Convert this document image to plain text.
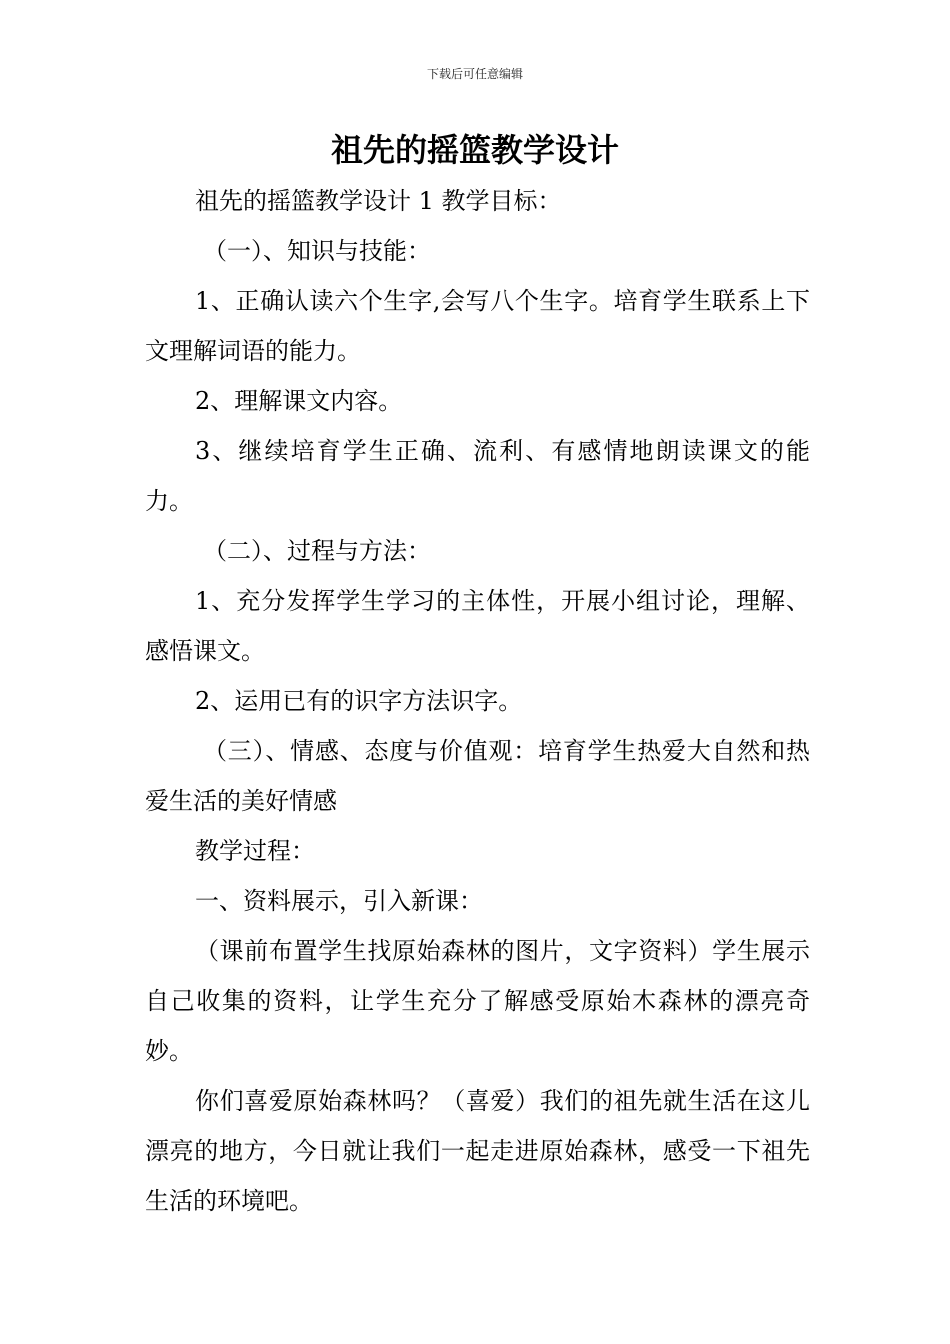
下载后可任意编辑
祖先的摇篮教学设计

祖先的摇篮教学设计 1 教学目标：

（一）、知识与技能：

1、正确认读六个生字,会写八个生字。培育学生联系上下文理解词语的能力。

2、理解课文内容。

3、继续培育学生正确、流利、有感情地朗读课文的能力。

（二）、过程与方法：

1、充分发挥学生学习的主体性，开展小组讨论，理解、感悟课文。

2、运用已有的识字方法识字。

（三）、情感、态度与价值观：培育学生热爱大自然和热爱生活的美好情感

教学过程：

一、资料展示，引入新课：

（课前布置学生找原始森林的图片，文字资料）学生展示自己收集的资料，让学生充分了解感受原始木森林的漂亮奇妙。

你们喜爱原始森林吗？（喜爱）我们的祖先就生活在这儿漂亮的地方，今日就让我们一起走进原始森林，感受一下祖先生活的环境吧。
